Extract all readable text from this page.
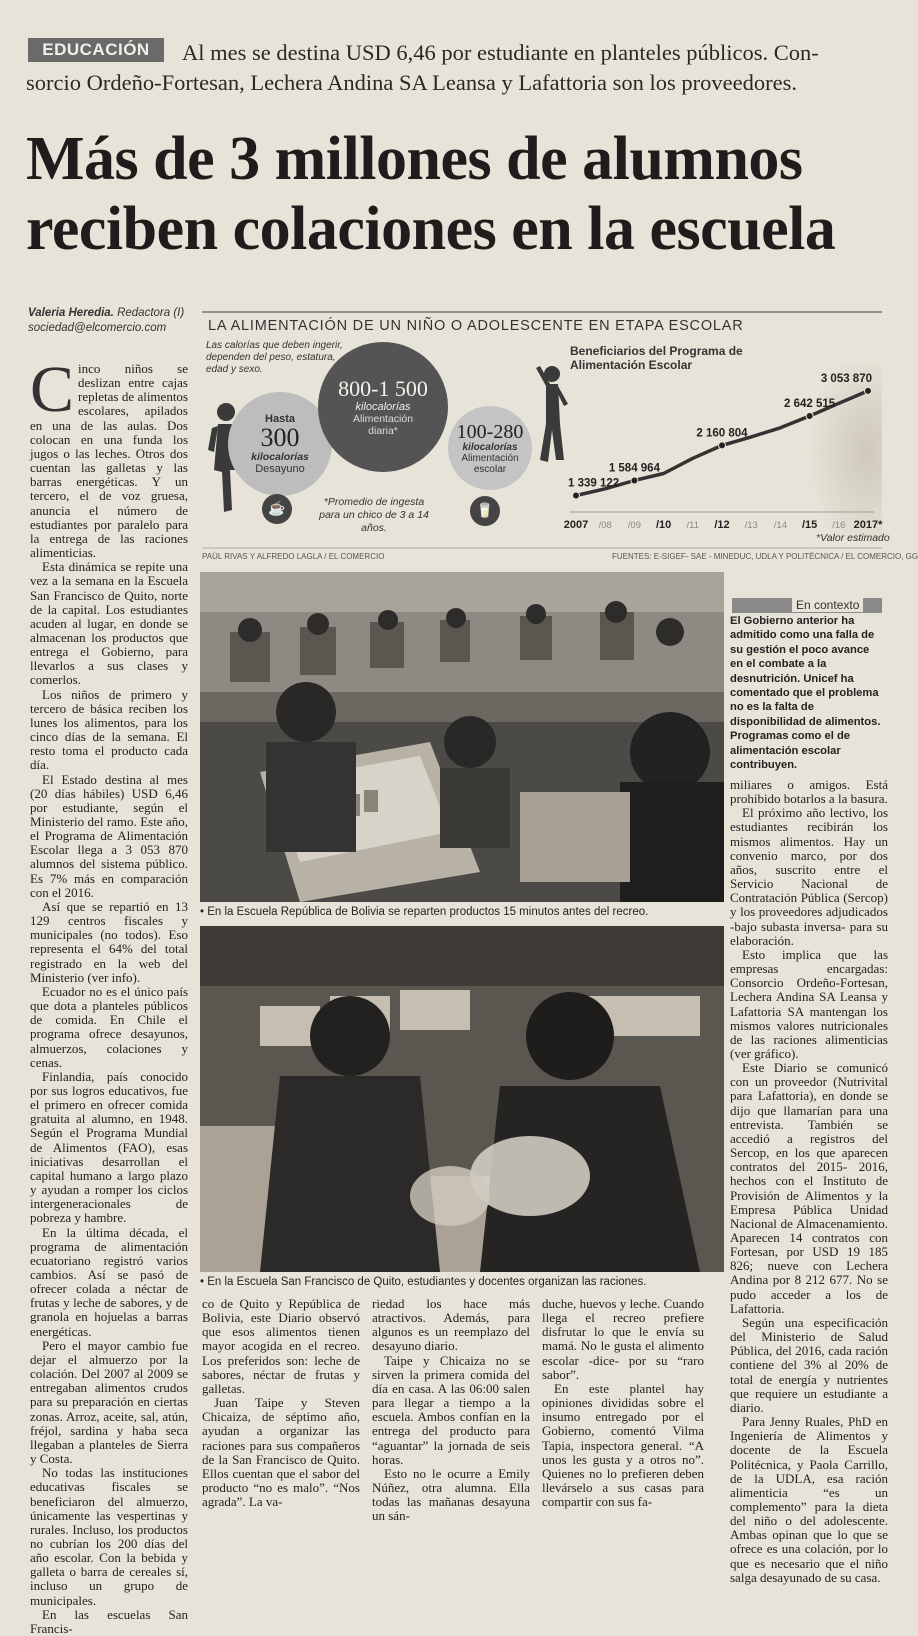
EDUCACIÓN	Al mes se destina USD 6,46 por estudiante en planteles públicos. Con-
sorcio Ordeño-Fortesan, Lechera Andina SA Leansa y Lafattoria son los proveedores.
Más de 3 millones de alumnos
reciben colaciones en la escuela
Valeria Heredia. Redactora (I)
sociedad@elcomercio.com	LA ALIMENTACIÓN DE UN NIÑO O ADOLESCENTE EN ETAPA ESCOLAR
Las calorías que deben ingerir, dependen del peso, estatura, edad y sexo.
Hasta
300
kilocalorías
Desayuno
800-1 500
kilocalorías
Alimentación diaria*	100-280
kilocalorías
Alimentación escolar
☕	🥛
*Promedio de ingesta para un chico de 3 a 14 años.
Beneficiarios del Programa de Alimentación Escolar
1 339 122
1 584 964
2 160 804
2 642 515
3 053 870
2007 /08 /09 /10 /11 /12 /13 /14 /15 /16 2017*
*Valor estimado
PAÚL RIVAS Y ALFREDO LAGLA / EL COMERCIO	FUENTES: E-SIGEF- SAE - MINEDUC, UDLA Y POLITÉCNICA / EL COMERCIO, GG

Cinco niños se deslizan entre cajas repletas de alimentos escolares, apilados en una de las aulas. Dos colocan en una funda los jugos o las leches. Otros dos cuentan las galletas y las barras energéticas. Y un tercero, el de voz gruesa, anuncia el número de estudiantes por paralelo para la entrega de las raciones alimenticias.

Esta dinámica se repite una vez a la semana en la Escuela San Francisco de Quito, norte de la capital. Los estudiantes acuden al lugar, en donde se almacenan los productos que entrega el Gobierno, para llevarlos a sus clases y comerlos.

Los niños de primero y tercero de básica reciben los lunes los alimentos, para los cinco días de la semana. El resto toma el producto cada día.

El Estado destina al mes (20 días hábiles) USD 6,46 por estudiante, según el Ministerio del ramo. Este año, el Programa de Alimentación Escolar llega a 3 053 870 alumnos del sistema público. Es 7% más en comparación con el 2016.

Así que se repartió en 13 129 centros fiscales y municipales (no todos). Eso representa el 64% del total registrado en la web del Ministerio (ver info).

Ecuador no es el único país que dota a planteles públicos de comida. En Chile el programa ofrece desayunos, almuerzos, colaciones y cenas.

Finlandia, país conocido por sus logros educativos, fue el primero en ofrecer comida gratuita al alumno, en 1948. Según el Programa Mundial de Alimentos (FAO), esas iniciativas desarrollan el capital humano a largo plazo y ayudan a romper los ciclos intergeneracionales de pobreza y hambre.

En la última década, el programa de alimentación ecuatoriano registró varios cambios. Así se pasó de ofrecer colada a néctar de frutas y leche de sabores, y de granola en hojuelas a barras energéticas.

Pero el mayor cambio fue dejar el almuerzo por la colación. Del 2007 al 2009 se entregaban alimentos crudos para su preparación en ciertas zonas. Arroz, aceite, sal, atún, fréjol, sardina y haba seca llegaban a planteles de Sierra y Costa.

No todas las instituciones educativas fiscales se beneficiaron del almuerzo, únicamente las vespertinas y rurales. Incluso, los productos no cubrían los 200 días del año escolar. Con la bebida y galleta o barra de cereales sí, incluso un grupo de municipales.

En las escuelas San Francis-

• En la Escuela República de Bolivia se reparten productos 15 minutos antes del recreo.
• En la Escuela San Francisco de Quito, estudiantes y docentes organizan las raciones.

co de Quito y República de Bolivia, este Diario observó que esos alimentos tienen mayor acogida en el recreo. Los preferidos son: leche de sabores, néctar de frutas y galletas.

Juan Taipe y Steven Chicaiza, de séptimo año, ayudan a organizar las raciones para sus compañeros de la San Francisco de Quito. Ellos cuentan que el sabor del producto “no es malo”. “Nos agrada”. La va-

riedad los hace más atractivos. Además, para algunos es un reemplazo del desayuno diario.

Taipe y Chicaiza no se sirven la primera comida del día en casa. A las 06:00 salen para llegar a tiempo a la escuela. Ambos confían en la entrega del producto para “aguantar” la jornada de seis horas.

Esto no le ocurre a Emily Núñez, otra alumna. Ella todas las mañanas desayuna un sán-

duche, huevos y leche. Cuando llega el recreo prefiere disfrutar lo que le envía su mamá. No le gusta el alimento escolar -dice- por su “raro sabor”.

En este plantel hay opiniones divididas sobre el insumo entregado por el Gobierno, comentó Vilma Tapia, inspectora general. “A unos les gusta y a otros no”. Quienes no lo prefieren deben llevárselo a sus casas para compartir con sus fa-

En contexto
El Gobierno anterior ha admitido como una falla de su gestión el poco avance en el combate a la desnutrición. Unicef ha comentado que el problema no es la falta de disponibilidad de alimentos. Programas como el de alimentación escolar contribuyen.

miliares o amigos. Está prohibido botarlos a la basura.

El próximo año lectivo, los estudiantes recibirán los mismos alimentos. Hay un convenio marco, por dos años, suscrito entre el Servicio Nacional de Contratación Pública (Sercop) y los proveedores adjudicados -bajo subasta inversa- para su elaboración.

Esto implica que las empresas encargadas: Consorcio Ordeño-Fortesan, Lechera Andina SA Leansa y Lafattoria SA mantengan los mismos valores nutricionales de las raciones alimenticias (ver gráfico).

Este Diario se comunicó con un proveedor (Nutrivital para Lafattoria), en donde se dijo que llamarían para una entrevista. También se accedió a registros del Sercop, en los que aparecen contratos del 2015- 2016, hechos con el Instituto de Provisión de Alimentos y la Empresa Pública Unidad Nacional de Almacenamiento. Aparecen 14 contratos con Fortesan, por USD 19 185 826; nueve con Lechera Andina por 8 212 677. No se pudo acceder a los de Lafattoria.

Según una especificación del Ministerio de Salud Pública, del 2016, cada ración contiene del 3% al 20% de total de energía y nutrientes que requiere un estudiante a diario.

Para Jenny Ruales, PhD en Ingeniería de Alimentos y docente de la Escuela Politécnica, y Paola Carrillo, de la UDLA, esa ración alimenticia “es un complemento” para la dieta del niño o del adolescente. Ambas opinan que lo que se ofrece es una colación, por lo que es necesario que el niño salga desayunado de su casa.
